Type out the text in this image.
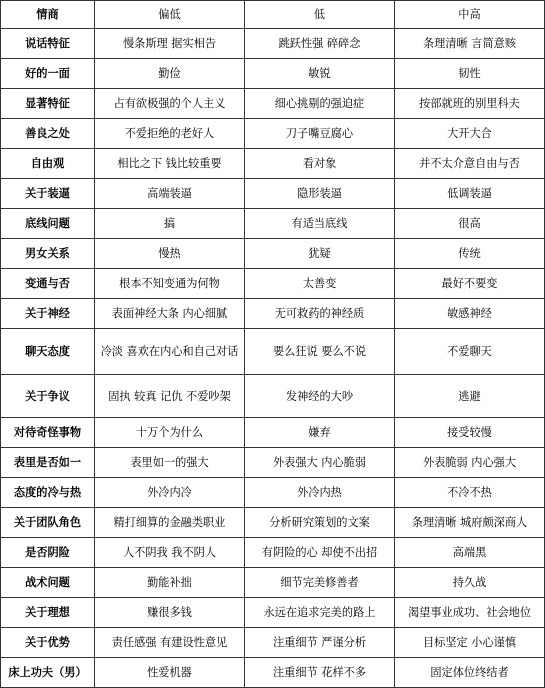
情商	偏低	低	中高
说话特征	慢条斯理 据实相告	跳跃性强 碎碎念	条理清晰 言简意赅
好的一面	勤俭	敏锐	韧性
显著特征	占有欲极强的个人主义	细心挑剔的强迫症	按部就班的别里科夫
善良之处	不爱拒绝的老好人	刀子嘴豆腐心	大开大合
自由观	相比之下 钱比较重要	看对象	并不太介意自由与否
关于装逼	高端装逼	隐形装逼	低调装逼
底线问题	搞	有适当底线	很高
男女关系	慢热	犹疑	传统
变通与否	根本不知变通为何物	太善变	最好不要变
关于神经	表面神经大条 内心细腻	无可救药的神经质	敏感神经
聊天态度	冷淡 喜欢在内心和自己对话	要么狂说 要么不说	不爱聊天
关于争议	固执 较真 记仇 不爱吵架	发神经的大吵	逃避
对待奇怪事物	十万个为什么	嫌弃	接受较慢
表里是否如一	表里如一的强大	外表强大 内心脆弱	外表脆弱 内心强大
态度的冷与热	外冷内冷	外冷内热	不冷不热
关于团队角色	精打细算的金融类职业	分析研究策划的文案	条理清晰 城府颇深商人
是否阴险	人不阴我 我不阴人	有阴险的心 却使不出招	高端黑
战术问题	勤能补拙	细节完美修善者	持久战
关于理想	赚很多钱	永远在追求完美的路上	渴望事业成功、社会地位
关于优势	责任感强 有建设性意见	注重细节 严谨分析	目标坚定 小心谨慎
床上功夫（男）	性爱机器	注重细节 花样不多	固定体位终结者
